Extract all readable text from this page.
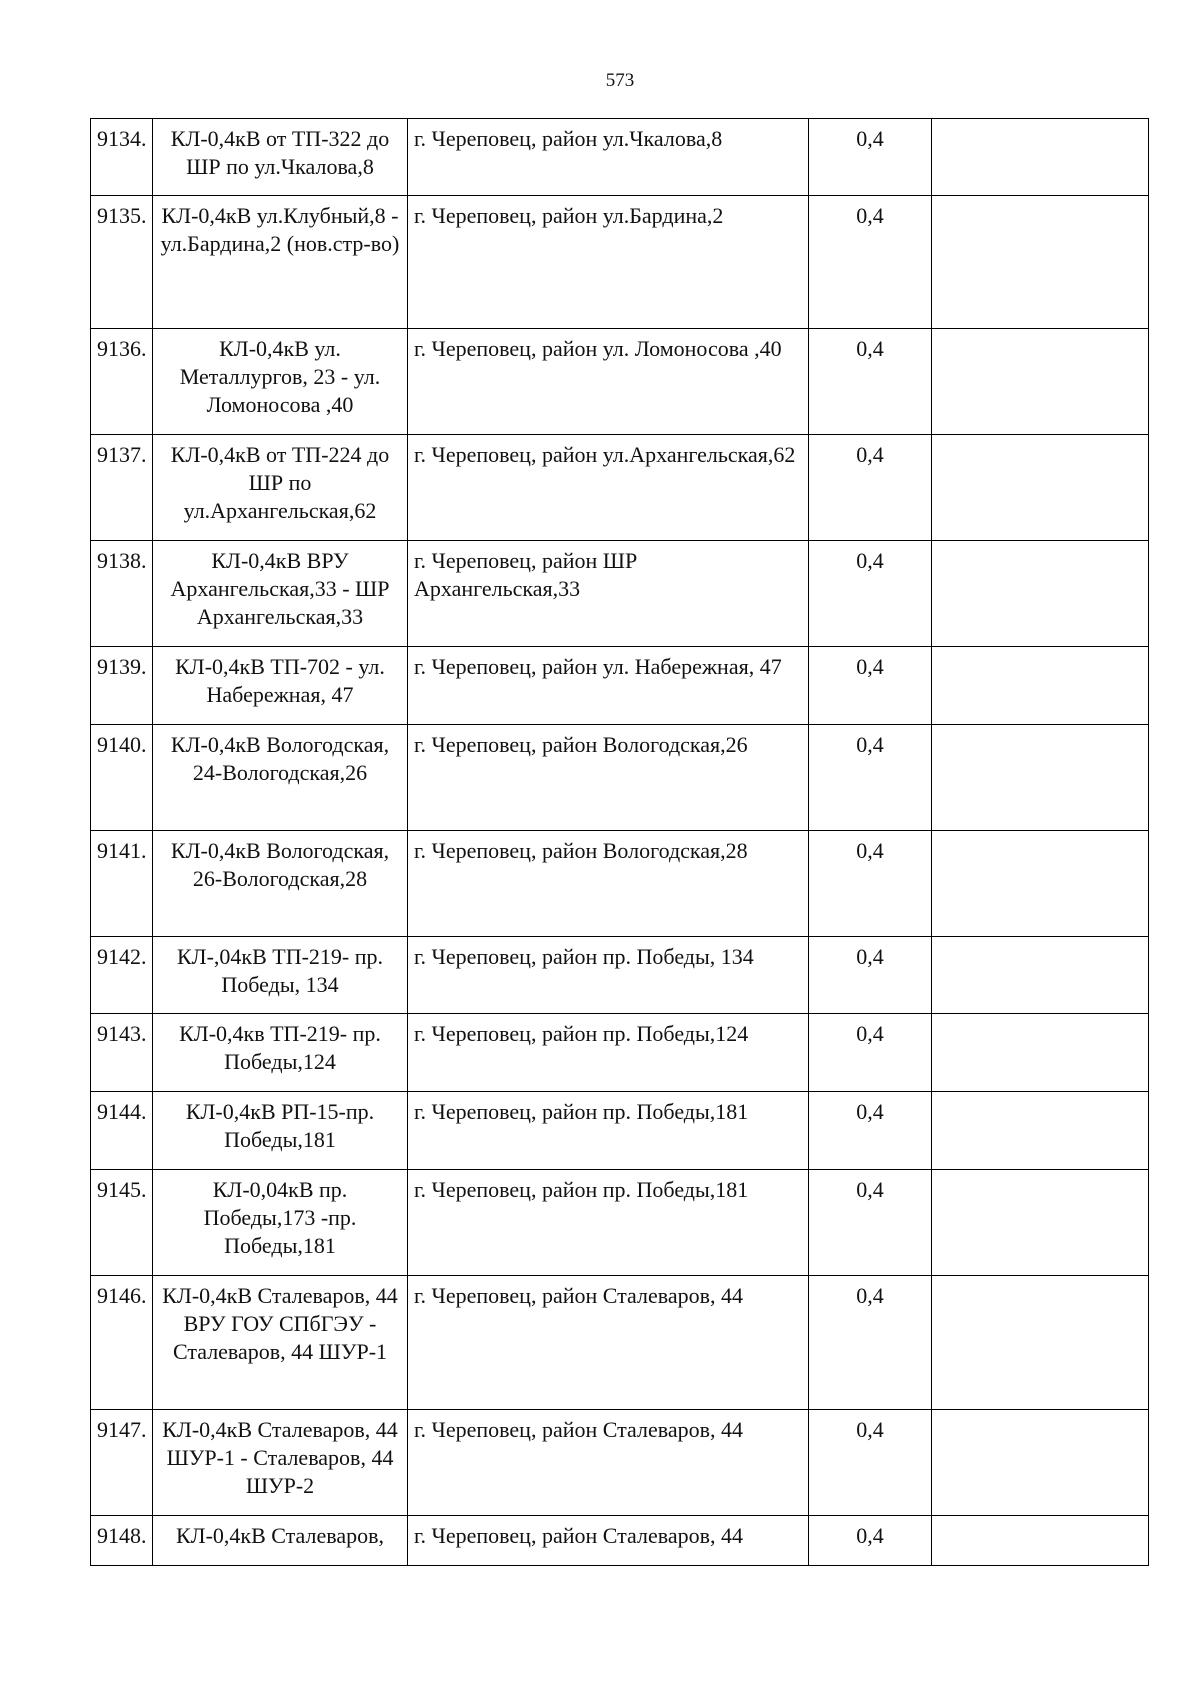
573
9134.	КЛ-0,4кВ от ТП-322 до ШР по ул.Чкалова,8	г. Череповец, район ул.Чкалова,8	0,4	
9135.	КЛ-0,4кВ ул.Клубный,8 - ул.Бардина,2 (нов.стр-во)	г. Череповец, район ул.Бардина,2	0,4	
9136.	КЛ-0,4кВ ул. Металлургов, 23 - ул. Ломоносова ,40	г. Череповец, район ул. Ломоносова ,40	0,4	
9137.	КЛ-0,4кВ от ТП-224 до ШР по ул.Архангельская,62	г. Череповец, район ул.Архангельская,62	0,4	
9138.	КЛ-0,4кВ ВРУ Архангельская,33 - ШР Архангельская,33	г. Череповец, район ШР Архангельская,33	0,4	
9139.	КЛ-0,4кВ ТП-702 - ул. Набережная, 47	г. Череповец, район ул. Набережная, 47	0,4	
9140.	КЛ-0,4кВ Вологодская, 24-Вологодская,26	г. Череповец, район Вологодская,26	0,4	
9141.	КЛ-0,4кВ Вологодская, 26-Вологодская,28	г. Череповец, район Вологодская,28	0,4	
9142.	КЛ-,04кВ ТП-219- пр. Победы, 134	г. Череповец, район пр. Победы, 134	0,4	
9143.	КЛ-0,4кв ТП-219- пр. Победы,124	г. Череповец, район пр. Победы,124	0,4	
9144.	КЛ-0,4кВ РП-15-пр. Победы,181	г. Череповец, район пр. Победы,181	0,4	
9145.	КЛ-0,04кВ пр. Победы,173 -пр. Победы,181	г. Череповец, район пр. Победы,181	0,4	
9146.	КЛ-0,4кВ Сталеваров, 44 ВРУ ГОУ СПбГЭУ - Сталеваров, 44 ШУР-1	г. Череповец, район Сталеваров, 44	0,4	
9147.	КЛ-0,4кВ Сталеваров, 44 ШУР-1 - Сталеваров, 44 ШУР-2	г. Череповец, район Сталеваров, 44	0,4	
9148.	КЛ-0,4кВ Сталеваров,	г. Череповец, район Сталеваров, 44	0,4	
